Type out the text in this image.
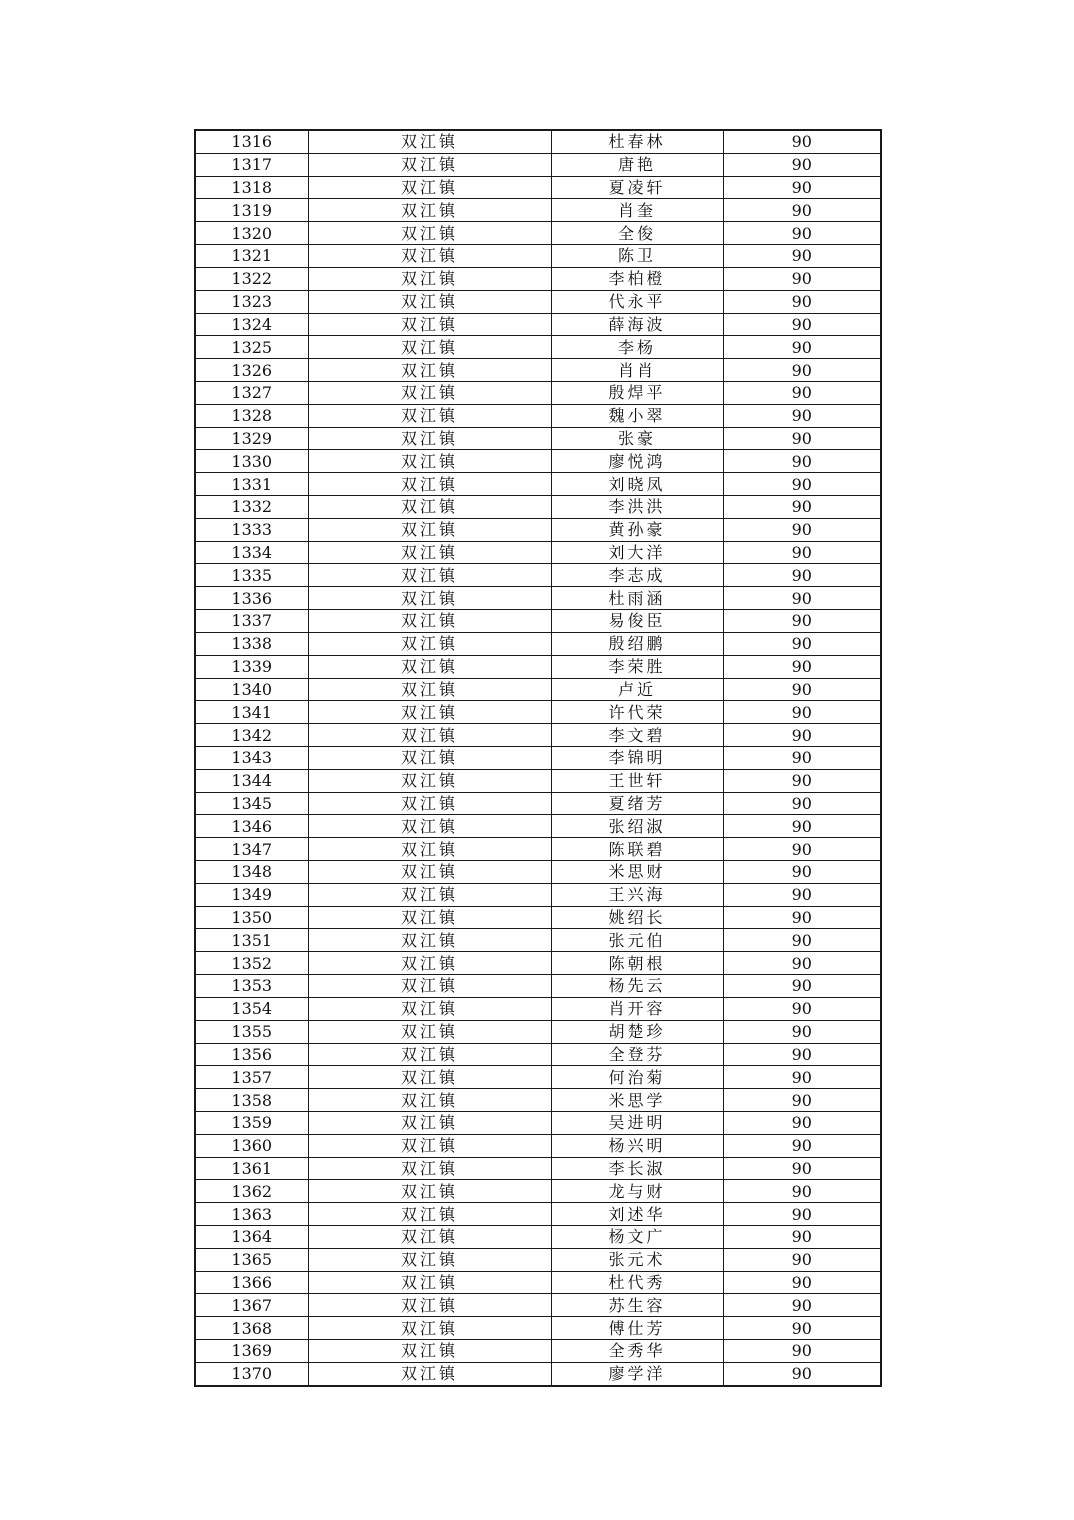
1316	双江镇	杜春林	90
1317	双江镇	唐艳	90
1318	双江镇	夏凌轩	90
1319	双江镇	肖奎	90
1320	双江镇	全俊	90
1321	双江镇	陈卫	90
1322	双江镇	李柏橙	90
1323	双江镇	代永平	90
1324	双江镇	薛海波	90
1325	双江镇	李杨	90
1326	双江镇	肖肖	90
1327	双江镇	殷焊平	90
1328	双江镇	魏小翠	90
1329	双江镇	张豪	90
1330	双江镇	廖悦鸿	90
1331	双江镇	刘晓凤	90
1332	双江镇	李洪洪	90
1333	双江镇	黄孙豪	90
1334	双江镇	刘大洋	90
1335	双江镇	李志成	90
1336	双江镇	杜雨涵	90
1337	双江镇	易俊臣	90
1338	双江镇	殷绍鹏	90
1339	双江镇	李荣胜	90
1340	双江镇	卢近	90
1341	双江镇	许代荣	90
1342	双江镇	李文碧	90
1343	双江镇	李锦明	90
1344	双江镇	王世轩	90
1345	双江镇	夏绪芳	90
1346	双江镇	张绍淑	90
1347	双江镇	陈联碧	90
1348	双江镇	米思财	90
1349	双江镇	王兴海	90
1350	双江镇	姚绍长	90
1351	双江镇	张元伯	90
1352	双江镇	陈朝根	90
1353	双江镇	杨先云	90
1354	双江镇	肖开容	90
1355	双江镇	胡楚珍	90
1356	双江镇	全登芬	90
1357	双江镇	何治菊	90
1358	双江镇	米思学	90
1359	双江镇	吴进明	90
1360	双江镇	杨兴明	90
1361	双江镇	李长淑	90
1362	双江镇	龙与财	90
1363	双江镇	刘述华	90
1364	双江镇	杨文广	90
1365	双江镇	张元术	90
1366	双江镇	杜代秀	90
1367	双江镇	苏生容	90
1368	双江镇	傅仕芳	90
1369	双江镇	全秀华	90
1370	双江镇	廖学洋	90
